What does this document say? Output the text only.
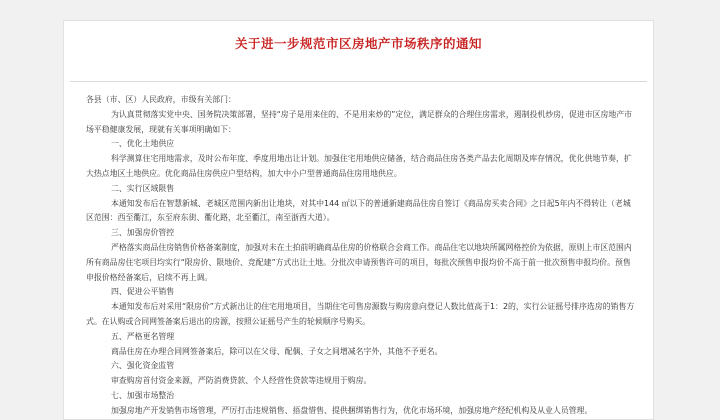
关于进一步规范市区房地产市场秩序的通知

各县（市、区）人民政府，市级有关部门：

为认真贯彻落实党中央、国务院决策部署，坚持“房子是用来住的、不是用来炒的”定位，满足群众的合理住房需求，遏制投机炒房，促进市区房地产市场平稳健康发展，现就有关事项明确如下：

一、优化土地供应

科学测算住宅用地需求，及时公布年度、季度用地出让计划。加强住宅用地供应储备，结合商品住房各类产品去化周期及库存情况，优化供地节奏，扩大热点地区土地供应。优化商品住房供应户型结构，加大中小户型普通商品住房用地供应。

二、实行区域限售

本通知发布后在智慧新城、老城区范围内新出让地块，对其中144 ㎡以下的普通新建商品住房自签订《商品房买卖合同》之日起5年内不得转让（老城区范围：西至衢江，东至府东街、衢化路，北至衢江，南至浙西大道）。

三、加强房价管控

严格落实商品住房销售价格备案制度，加强对未在土拍前明确商品住房的价格联合会商工作。商品住宅以地块所属网格控价为依据，原则上市区范围内所有商品房住宅项目均实行“限房价、限地价、竞配建”方式出让土地。分批次申请预售许可的项目，每批次预售申报均价不高于前一批次预售申报均价。预售申报价格经备案后，启续不再上调。

四、促进公平销售

本通知发布后对采用“限房价”方式新出让的住宅用地项目，当期住宅可售房源数与购房意向登记人数比值高于1：2的，实行公证摇号排序选房的销售方式。在认购或合同网签备案后退出的房源，按照公证摇号产生的轮候顺序号购买。

五、严格更名管理

商品住房在办理合同网签备案后，除可以在父母、配偶、子女之间增减名字外，其他不予更名。

六、强化资金监管

审查购房首付资金来源，严防消费贷款、个人经营性贷款等违规用于购房。

七、加强市场整治

加强房地产开发销售市场管理，严厉打击违规销售、捂盘惜售、提供捆绑销售行为，优化市场环境，加强房地产经纪机构及从业人员管理。
